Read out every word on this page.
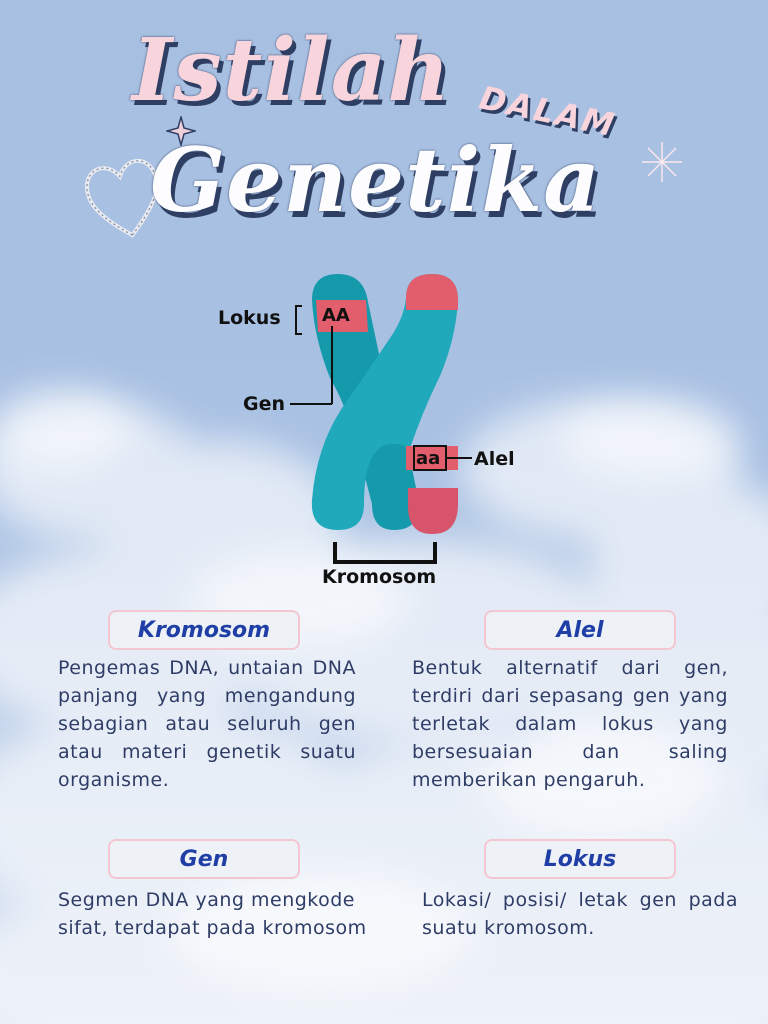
Istilah DALAM
Genetika
AA
aa
Lokus
Gen
Alel
Kromosom
Kromosom
Pengemas DNA, untaian DNA panjang yang mengandung sebagian atau seluruh gen atau materi genetik suatu organisme.
Alel
Bentuk alternatif dari gen, terdiri dari sepasang gen yang terletak dalam lokus yang bersesuaian dan saling memberikan pengaruh.
Gen
Segmen DNA yang mengkode sifat, terdapat pada kromosom
Lokus
Lokasi/ posisi/ letak gen pada suatu kromosom.
